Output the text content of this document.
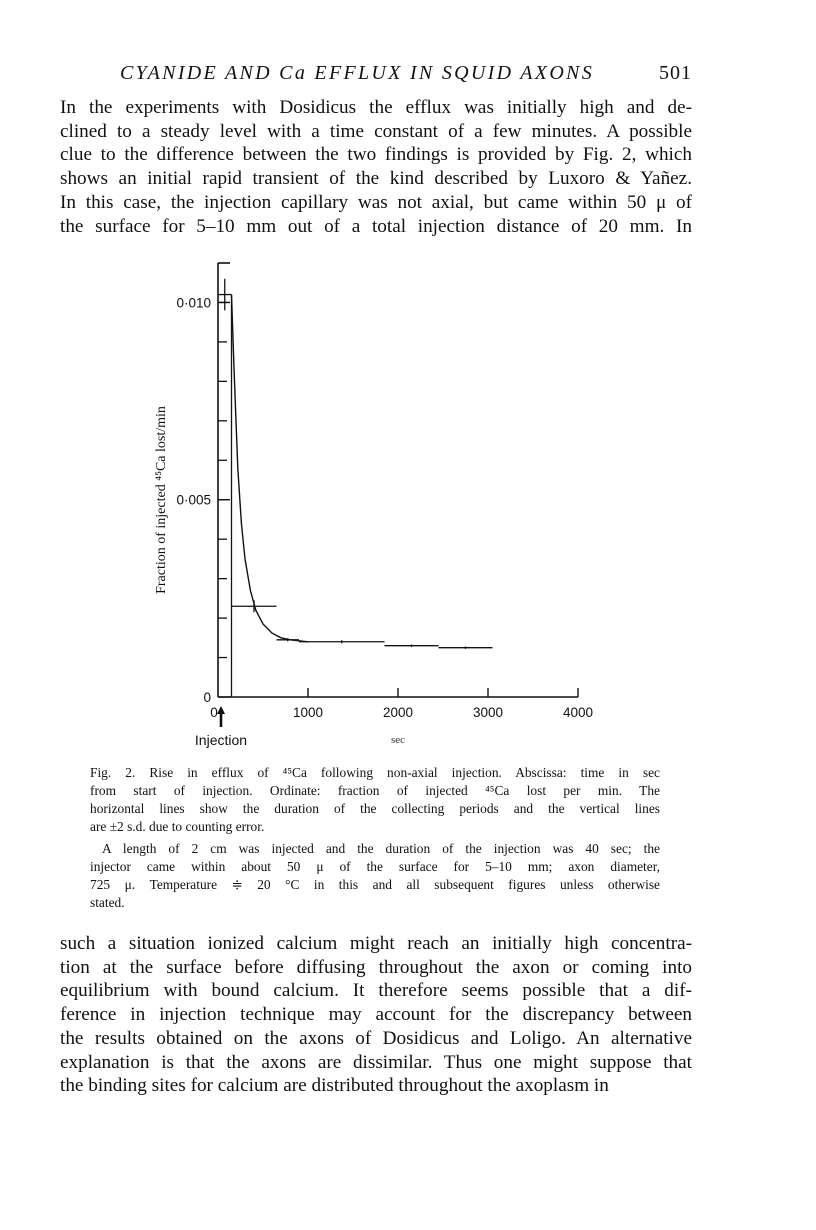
CYANIDE AND Ca EFFLUX IN SQUID AXONS	501
In the experiments with Dosidicus the efflux was initially high and de-
clined to a steady level with a time constant of a few minutes. A possible
clue to the difference between the two findings is provided by Fig. 2, which
shows an initial rapid transient of the kind described by Luxoro & Yañez.
In this case, the injection capillary was not axial, but came within 50 μ of
the surface for 5–10 mm out of a total injection distance of 20 mm. In
0
0·005
0·010
0	1000	2000	3000	4000
Injection	sec
Fraction of injected ⁴⁵Ca lost/min
Fig. 2. Rise in efflux of ⁴⁵Ca following non-axial injection. Abscissa: time in sec
from start of injection. Ordinate: fraction of injected ⁴⁵Ca lost per min. The
horizontal lines show the duration of the collecting periods and the vertical lines
are ±2 s.d. due to counting error.
A length of 2 cm was injected and the duration of the injection was 40 sec; the
injector came within about 50 μ of the surface for 5–10 mm; axon diameter,
725 μ. Temperature ≑ 20 °C in this and all subsequent figures unless otherwise
stated.
such a situation ionized calcium might reach an initially high concentra-
tion at the surface before diffusing throughout the axon or coming into
equilibrium with bound calcium. It therefore seems possible that a dif-
ference in injection technique may account for the discrepancy between
the results obtained on the axons of Dosidicus and Loligo. An alternative
explanation is that the axons are dissimilar. Thus one might suppose that
the binding sites for calcium are distributed throughout the axoplasm in
